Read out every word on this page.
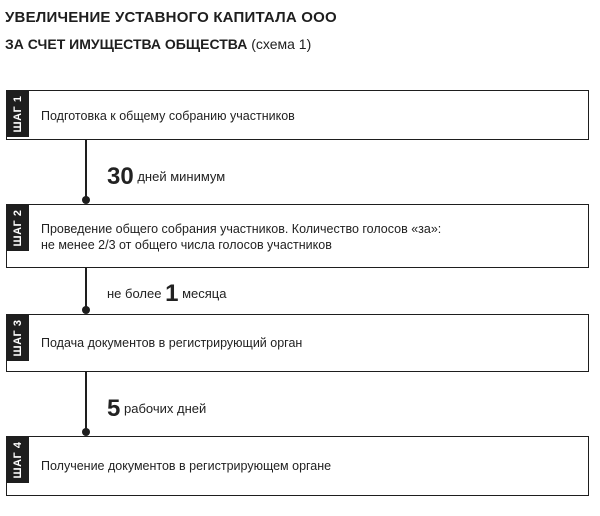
УВЕЛИЧЕНИЕ УСТАВНОГО КАПИТАЛА ООО
ЗА СЧЕТ ИМУЩЕСТВА ОБЩЕСТВА (схема 1)
ШАГ 1 Подготовка к общему собранию участников
30 дней минимум
ШАГ 2 Проведение общего собрания участников. Количество голосов «за»:
не менее 2/3 от общего числа голосов участников
не более 1 месяца
ШАГ 3 Подача документов в регистрирующий орган
5 рабочих дней
ШАГ 4 Получение документов в регистрирующем органе
